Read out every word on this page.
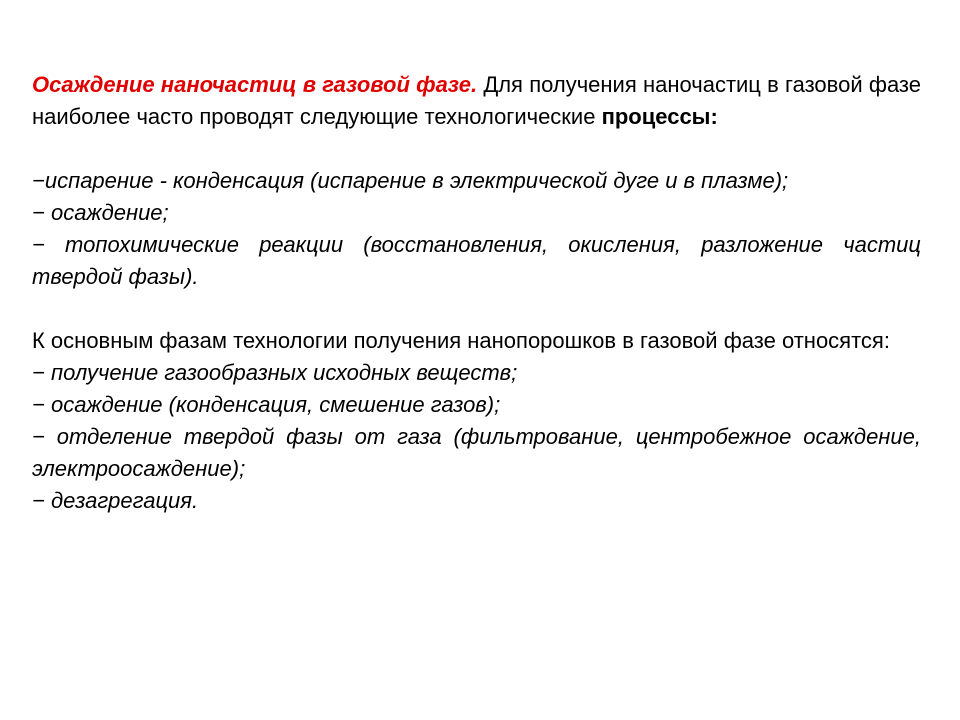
Осаждение наночастиц в газовой фазе. Для получения наночастиц в газовой фазе наиболее часто проводят следующие технологические процессы:

−испарение - конденсация (испарение в электрической дуге и в плазме);

− осаждение;

− топохимические реакции (восстановления, окисления, разложение частиц твердой фазы).

К основным фазам технологии получения нанопорошков в газовой фазе относятся:

− получение газообразных исходных веществ;

− осаждение (конденсация, смешение газов);

− отделение твердой фазы от газа (фильтрование, центробежное осаждение, электроосаждение);

− дезагрегация.
